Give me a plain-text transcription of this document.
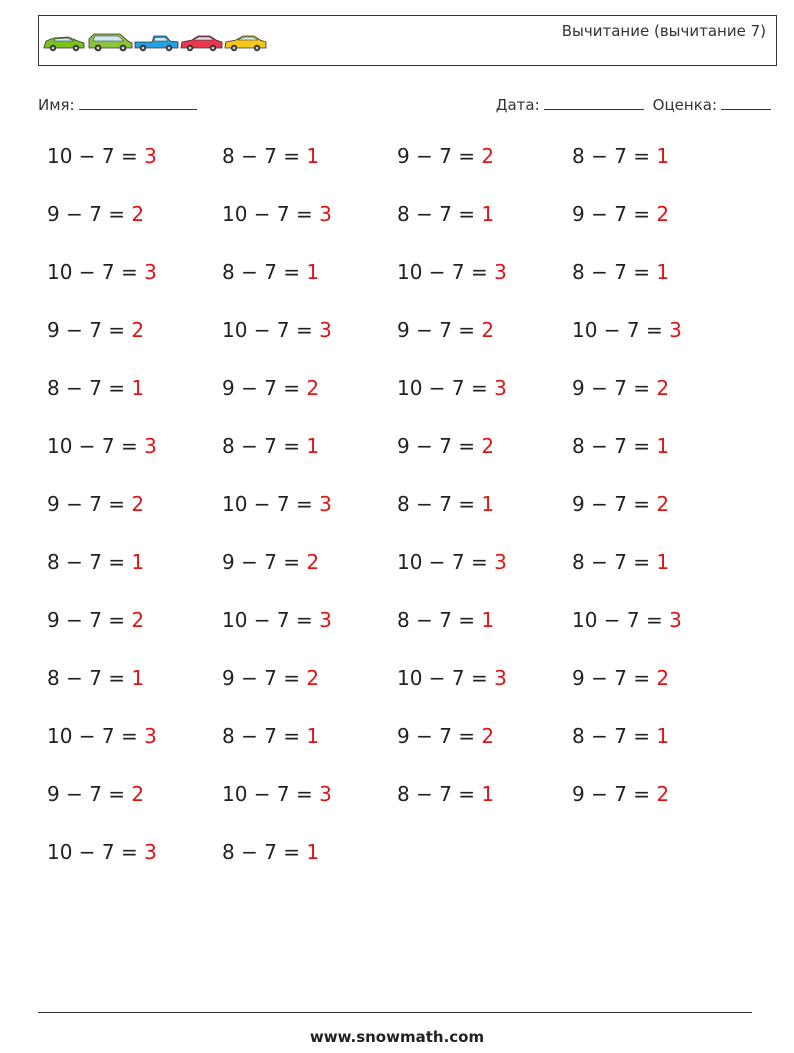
Вычитание (вычитание 7)
Имя:	Дата:	Оценка:
10 − 7 = 3	8 − 7 = 1	9 − 7 = 2	8 − 7 = 1
9 − 7 = 2	10 − 7 = 3	8 − 7 = 1	9 − 7 = 2
10 − 7 = 3	8 − 7 = 1	10 − 7 = 3	8 − 7 = 1
9 − 7 = 2	10 − 7 = 3	9 − 7 = 2	10 − 7 = 3
8 − 7 = 1	9 − 7 = 2	10 − 7 = 3	9 − 7 = 2
10 − 7 = 3	8 − 7 = 1	9 − 7 = 2	8 − 7 = 1
9 − 7 = 2	10 − 7 = 3	8 − 7 = 1	9 − 7 = 2
8 − 7 = 1	9 − 7 = 2	10 − 7 = 3	8 − 7 = 1
9 − 7 = 2	10 − 7 = 3	8 − 7 = 1	10 − 7 = 3
8 − 7 = 1	9 − 7 = 2	10 − 7 = 3	9 − 7 = 2
10 − 7 = 3	8 − 7 = 1	9 − 7 = 2	8 − 7 = 1
9 − 7 = 2	10 − 7 = 3	8 − 7 = 1	9 − 7 = 2
10 − 7 = 3	8 − 7 = 1
www.snowmath.com
